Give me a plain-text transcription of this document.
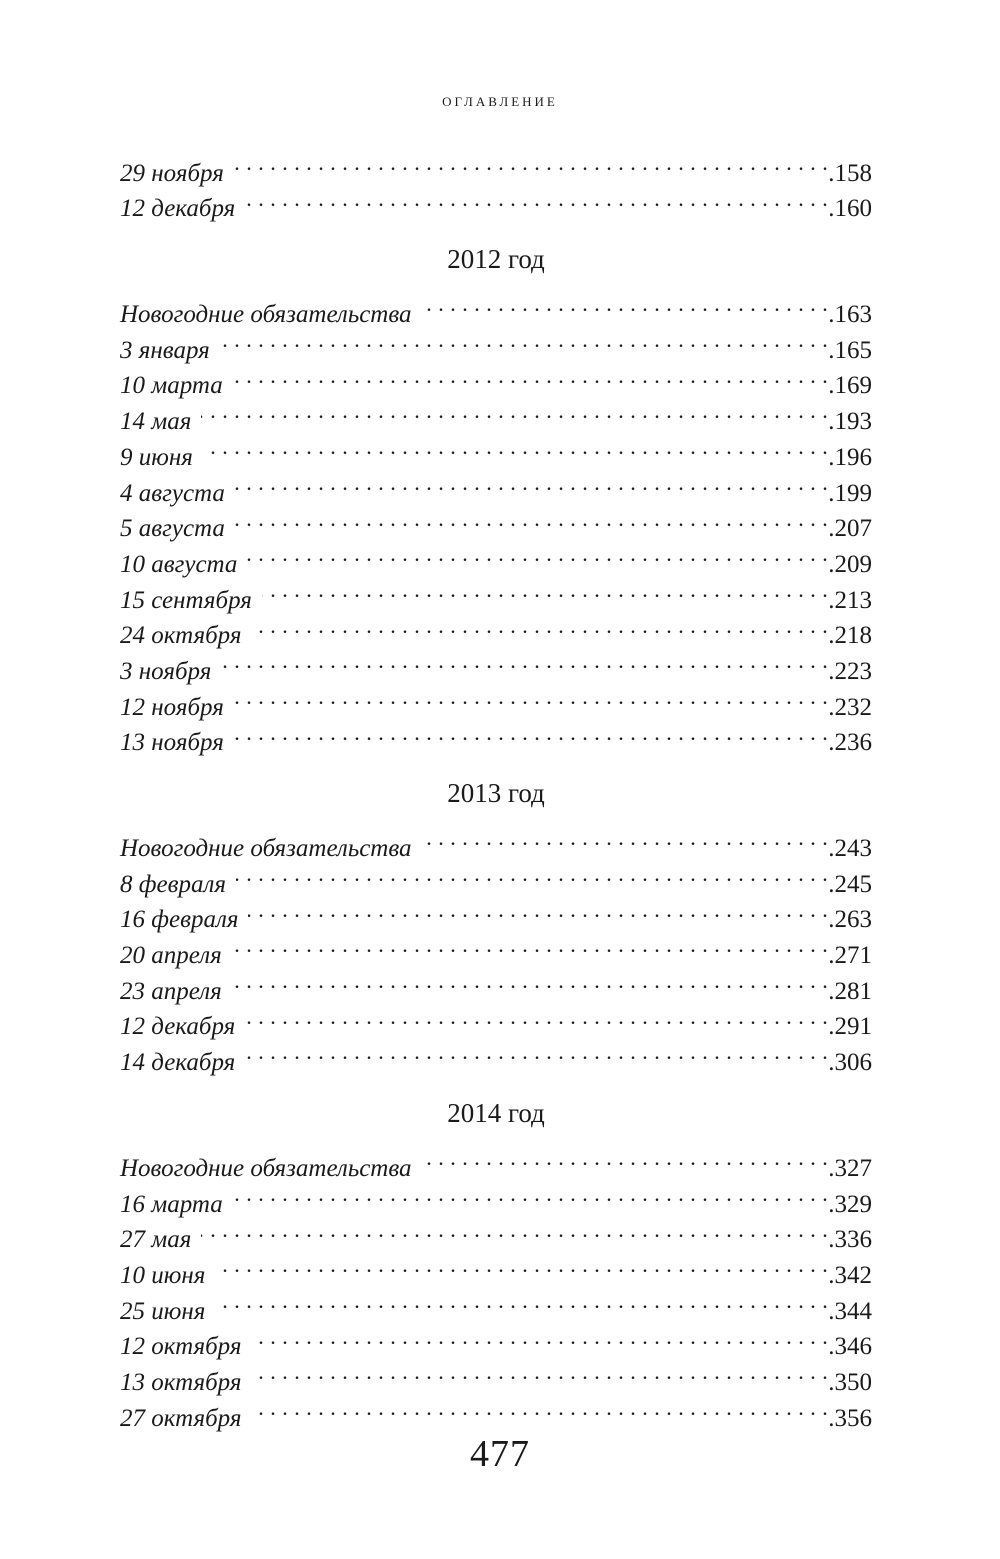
оглавление
29 ноября . . .	.158
12 декабря . . .	.160
2012 год
Новогодние обязательства . . .	.163
3 января . . .	.165
10 марта . . .	.169
14 мая . . .	.193
9 июня . . .	.196
4 августа . . .	.199
5 августа . . .	.207
10 августа . . .	.209
15 сентября . . .	.213
24 октября . . .	.218
3 ноября . . .	.223
12 ноября . . .	.232
13 ноября . . .	.236
2013 год
Новогодние обязательства . . .	.243
8 февраля . . .	.245
16 февраля . . .	.263
20 апреля . . .	.271
23 апреля . . .	.281
12 декабря . . .	.291
14 декабря . . .	.306
2014 год
Новогодние обязательства . . .	.327
16 марта . . .	.329
27 мая . . .	.336
10 июня . . .	.342
25 июня . . .	.344
12 октября . . .	.346
13 октября . . .	.350
27 октября . . .	.356
477
